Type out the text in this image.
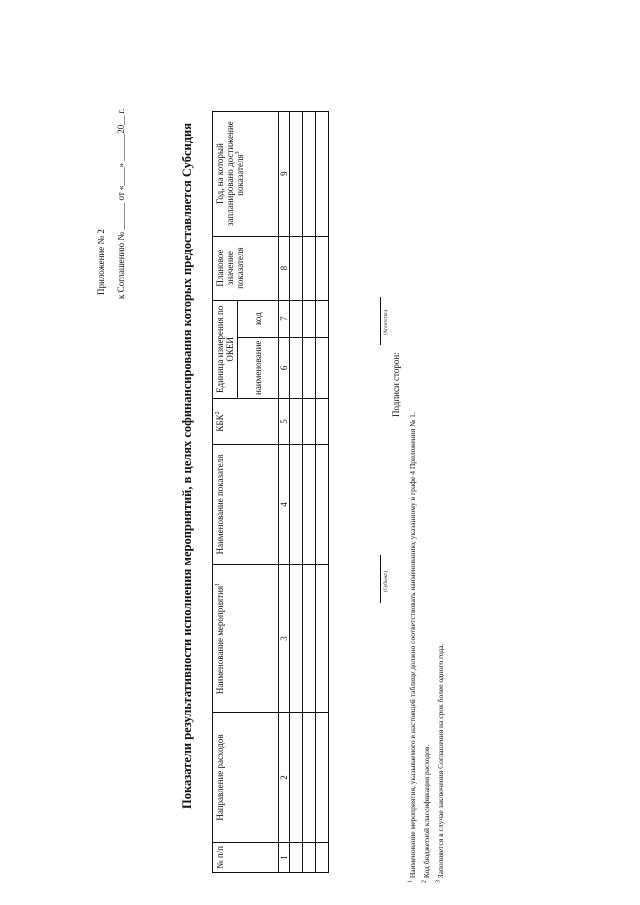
Приложение № 2 к Соглашению № ______ от «____» ______20__ г.	Показатели результативности исполнения мероприятий, в целях софинансирования которых предоставляется Субсидия
№ п/п	Направление расходов	Наименование мероприятия$^1$	Наименование показателя	КБК$^2$	Единица измерения по ОКЕИ		Плановое значение показателя	Год, на который запланировано достижение показателя$^3$
					наименование	код		
1	2	3	4	5	6	7	8	9

Подписи сторон:
(Субъект)
(Агентство)
$^1$ Наименование мероприятия, указываемого в настоящей таблице должно соответствовать наименованию, указанному в графе 4 Приложения № 1.
$^2$ Код бюджетной классификации расходов.
$^3$ Заполняется в случае заключения Соглашения на срок более одного года.
